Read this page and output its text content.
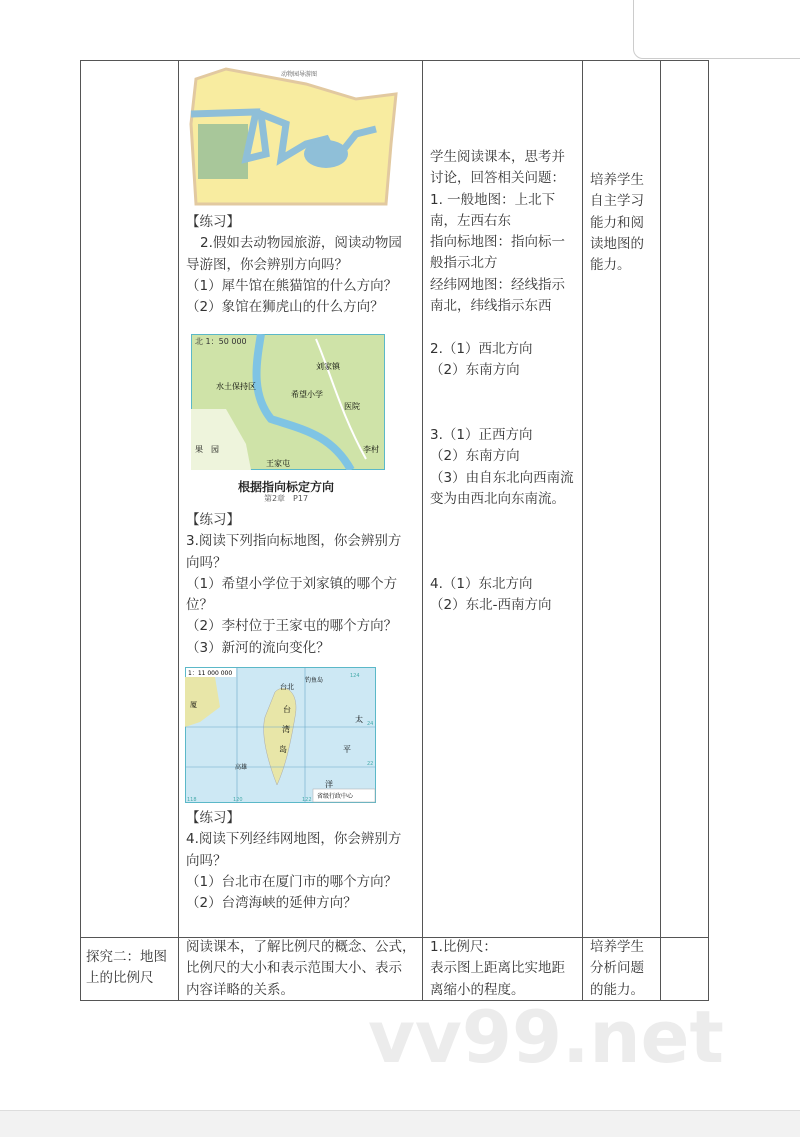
动物园导游图
【练习】
2.假如去动物园旅游，阅读动物园
导游图，你会辨别方向吗？
（1）犀牛馆在熊猫馆的什么方向？
（2）象馆在狮虎山的什么方向？
北 1：50 000
刘家镇
水土保持区
希望小学
医院
果　园
王家屯
李村
根据指向标定方向
第2章　P17
【练习】
3.阅读下列指向标地图，你会辨别方
向吗？
（1）希望小学位于刘家镇的哪个方
位？
（2）李村位于王家屯的哪个方向？
（3）新河的流向变化？
1：11 000 000
台北
台
湾
岛
高雄
厦
钓鱼岛
太
平
洋
118	120	122
124
24
22
省级行政中心
【练习】
4.阅读下列经纬网地图，你会辨别方
向吗？
（1）台北市在厦门市的哪个方向？
（2）台湾海峡的延伸方向？
学生阅读课本，思考并
讨论，回答相关问题：
1. 一般地图：上北下
南，左西右东
指向标地图：指向标一
般指示北方
经纬网地图：经线指示
南北，纬线指示东西
2.（1）西北方向
（2）东南方向
3.（1）正西方向
（2）东南方向
（3）由自东北向西南流
变为由西北向东南流。
4.（1）东北方向
（2）东北-西南方向
培养学生
自主学习
能力和阅
读地图的
能力。
探究二：地图
上的比例尺
阅读课本，了解比例尺的概念、公式，
比例尺的大小和表示范围大小、表示
内容详略的关系。
1.比例尺：
表示图上距离比实地距
离缩小的程度。
培养学生
分析问题
的能力。
vv99.net
